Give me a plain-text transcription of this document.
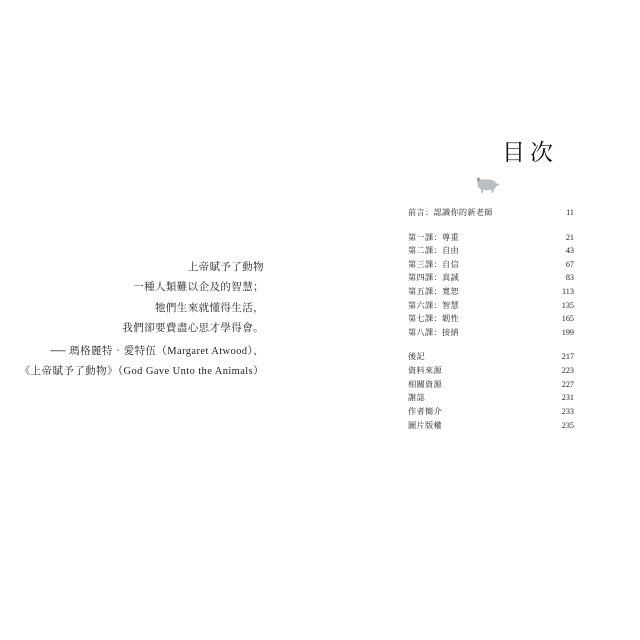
上帝賦予了動物
一種人類難以企及的智慧；
牠們生來就懂得生活，
我們卻要費盡心思才學得會。
── 瑪格麗特‧愛特伍（Margaret Atwood）、
《上帝賦予了動物》（God Gave Unto the Animals）
目次
前言：認識你的新老師	11
第一課：尊重	21
第二課：自由	43
第三課：自信	67
第四課：真誠	83
第五課：寬恕	113
第六課：智慧	135
第七課：韌性	165
第八課：接納	199
後記	217
資料來源	223
相關資源	227
謝誌	231
作者簡介	233
圖片版權	235
